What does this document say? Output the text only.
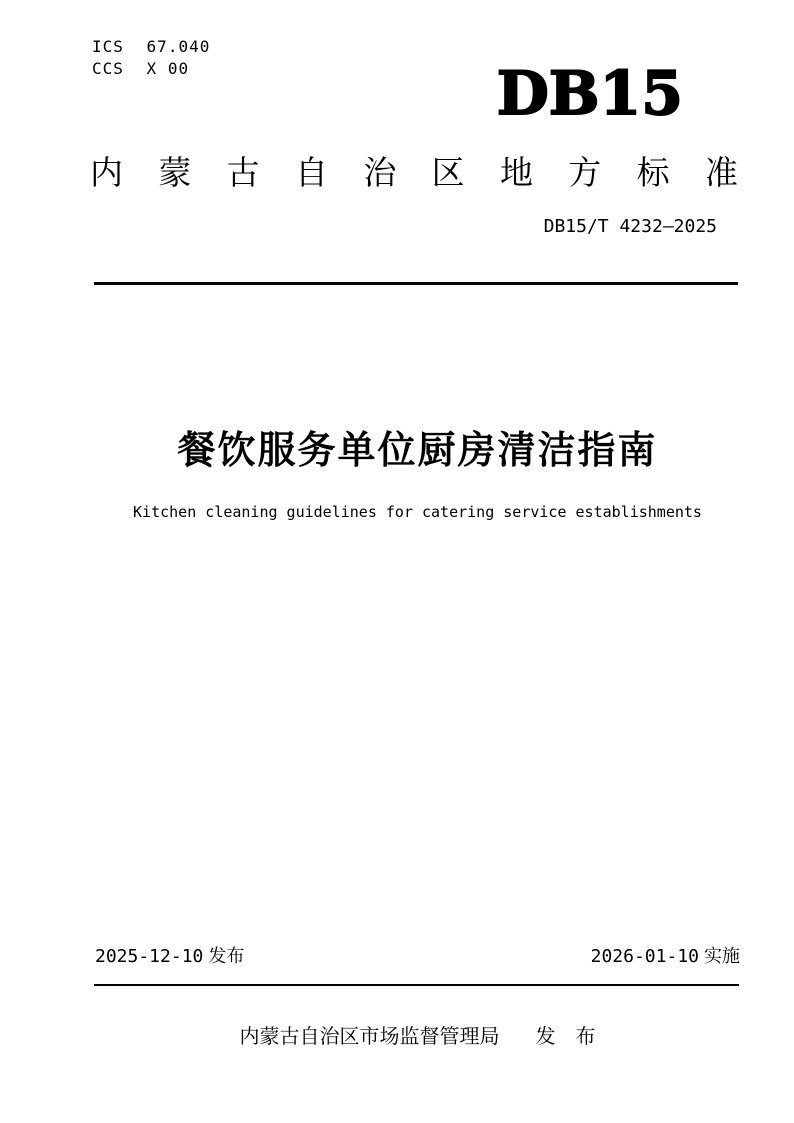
ICS 67.040
CCS X 00	DB15
内 蒙 古 自 治 区 地 方 标 准
DB15/T 4232—2025
餐饮服务单位厨房清洁指南
Kitchen cleaning guidelines for catering service establishments
2025-12-10 发布	2026-01-10 实施
内蒙古自治区市场监督管理局 发　布
